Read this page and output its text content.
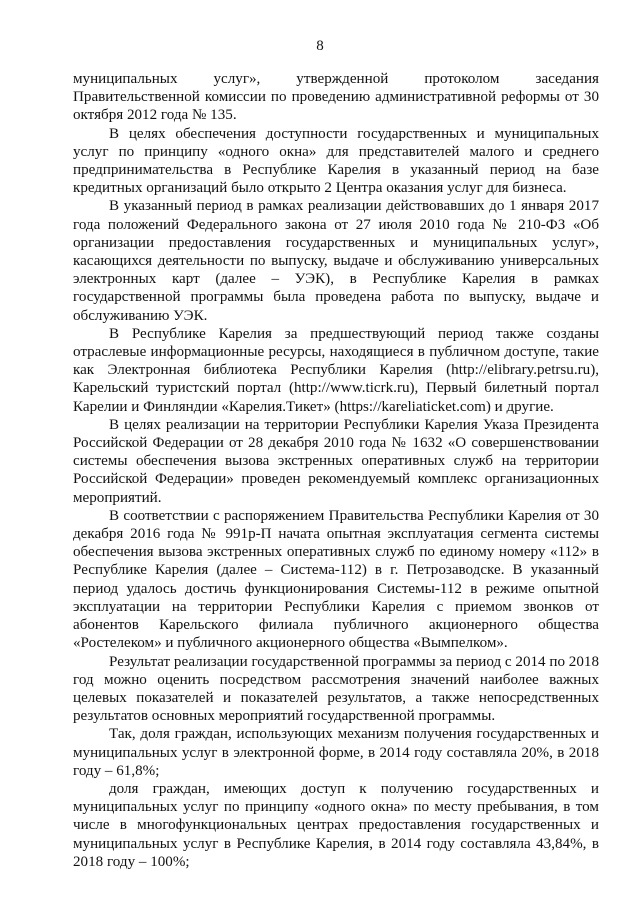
8

муниципальных услуг», утвержденной протоколом заседания Правительственной комиссии по проведению административной реформы от 30 октября 2012 года № 135.

В целях обеспечения доступности государственных и муниципальных услуг по принципу «одного окна» для представителей малого и среднего предпринимательства в Республике Карелия в указанный период на базе кредитных организаций было открыто 2 Центра оказания услуг для бизнеса.

В указанный период в рамках реализации действовавших до 1 января 2017 года положений Федерального закона от 27 июля 2010 года № 210-ФЗ «Об организации предоставления государственных и муниципальных услуг», касающихся деятельности по выпуску, выдаче и обслуживанию универсальных электронных карт (далее – УЭК), в Республике Карелия в рамках государственной программы была проведена работа по выпуску, выдаче и обслуживанию УЭК.

В Республике Карелия за предшествующий период также созданы отраслевые информационные ресурсы, находящиеся в публичном доступе, такие как Электронная библиотека Республики Карелия (http://elibrary.petrsu.ru), Карельский туристский портал (http://www.ticrk.ru), Первый билетный портал Карелии и Финляндии «Карелия.Тикет» (https://kareliaticket.com) и другие.

В целях реализации на территории Республики Карелия Указа Президента Российской Федерации от 28 декабря 2010 года № 1632 «О совершенствовании системы обеспечения вызова экстренных оперативных служб на территории Российской Федерации» проведен рекомендуемый комплекс организационных мероприятий.

В соответствии с распоряжением Правительства Республики Карелия от 30 декабря 2016 года № 991р-П начата опытная эксплуатация сегмента системы обеспечения вызова экстренных оперативных служб по единому номеру «112» в Республике Карелия (далее – Система-112) в г. Петрозаводске. В указанный период удалось достичь функционирования Системы-112 в режиме опытной эксплуатации на территории Республики Карелия с приемом звонков от абонентов Карельского филиала публичного акционерного общества «Ростелеком» и публичного акционерного общества «Вымпелком».

Результат реализации государственной программы за период с 2014 по 2018 год можно оценить посредством рассмотрения значений наиболее важных целевых показателей и показателей результатов, а также непосредственных результатов основных мероприятий государственной программы.

Так, доля граждан, использующих механизм получения государственных и муниципальных услуг в электронной форме, в 2014 году составляла 20%, в 2018 году – 61,8%;

доля граждан, имеющих доступ к получению государственных и муниципальных услуг по принципу «одного окна» по месту пребывания, в том числе в многофункциональных центрах предоставления государственных и муниципальных услуг в Республике Карелия, в 2014 году составляла 43,84%, в 2018 году – 100%;
